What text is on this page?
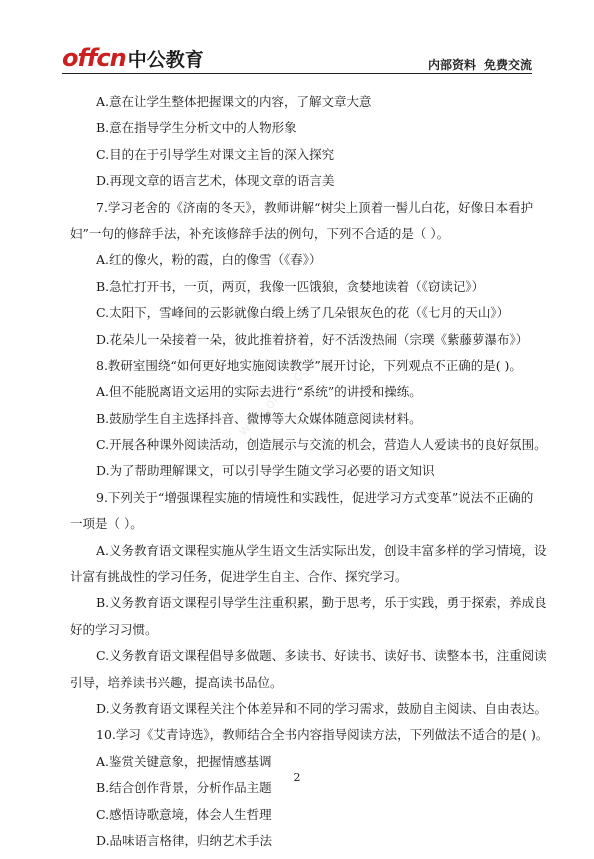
offcn 中公教育	内部资料 免费交流
www.offcn.com
A.意在让学生整体把握课文的内容，了解文章大意
B.意在指导学生分析文中的人物形象
C.目的在于引导学生对课文主旨的深入探究
D.再现文章的语言艺术，体现文章的语言美
7.学习老舍的《济南的冬天》，教师讲解“树尖上顶着一髻儿白花，好像日本看护
妇”一句的修辞手法，补充该修辞手法的例句，下列不合适的是（ ）。
A.红的像火，粉的霞，白的像雪（《春》）
B.急忙打开书，一页，两页，我像一匹饿狼，贪婪地读着（《窃读记》）
C.太阳下，雪峰间的云影就像白缎上绣了几朵银灰色的花（《七月的天山》）
D.花朵儿一朵接着一朵，彼此推着挤着，好不活泼热闹（宗璞《紫藤萝瀑布》）
8.教研室围绕“如何更好地实施阅读教学”展开讨论，下列观点不正确的是( )。
A.但不能脱离语文运用的实际去进行“系统”的讲授和操练。
B.鼓励学生自主选择抖音、微博等大众媒体随意阅读材料。
C.开展各种课外阅读活动，创造展示与交流的机会，营造人人爱读书的良好氛围。
D.为了帮助理解课文，可以引导学生随文学习必要的语文知识
9.下列关于“增强课程实施的情境性和实践性，促进学习方式变革”说法不正确的
一项是（ ）。
A.义务教育语文课程实施从学生语文生活实际出发，创设丰富多样的学习情境，设
计富有挑战性的学习任务，促进学生自主、合作、探究学习。
B.义务教育语文课程引导学生注重积累，勤于思考，乐于实践，勇于探索，养成良
好的学习习惯。
C.义务教育语文课程倡导多做题、多读书、好读书、读好书、读整本书，注重阅读
引导，培养读书兴趣，提高读书品位。
D.义务教育语文课程关注个体差异和不同的学习需求，鼓励自主阅读、自由表达。
10.学习《艾青诗选》，教师结合全书内容指导阅读方法，下列做法不适合的是( )。
A.鉴赏关键意象，把握情感基调
B.结合创作背景，分析作品主题
C.感悟诗歌意境，体会人生哲理
D.品味语言格律，归纳艺术手法
2
